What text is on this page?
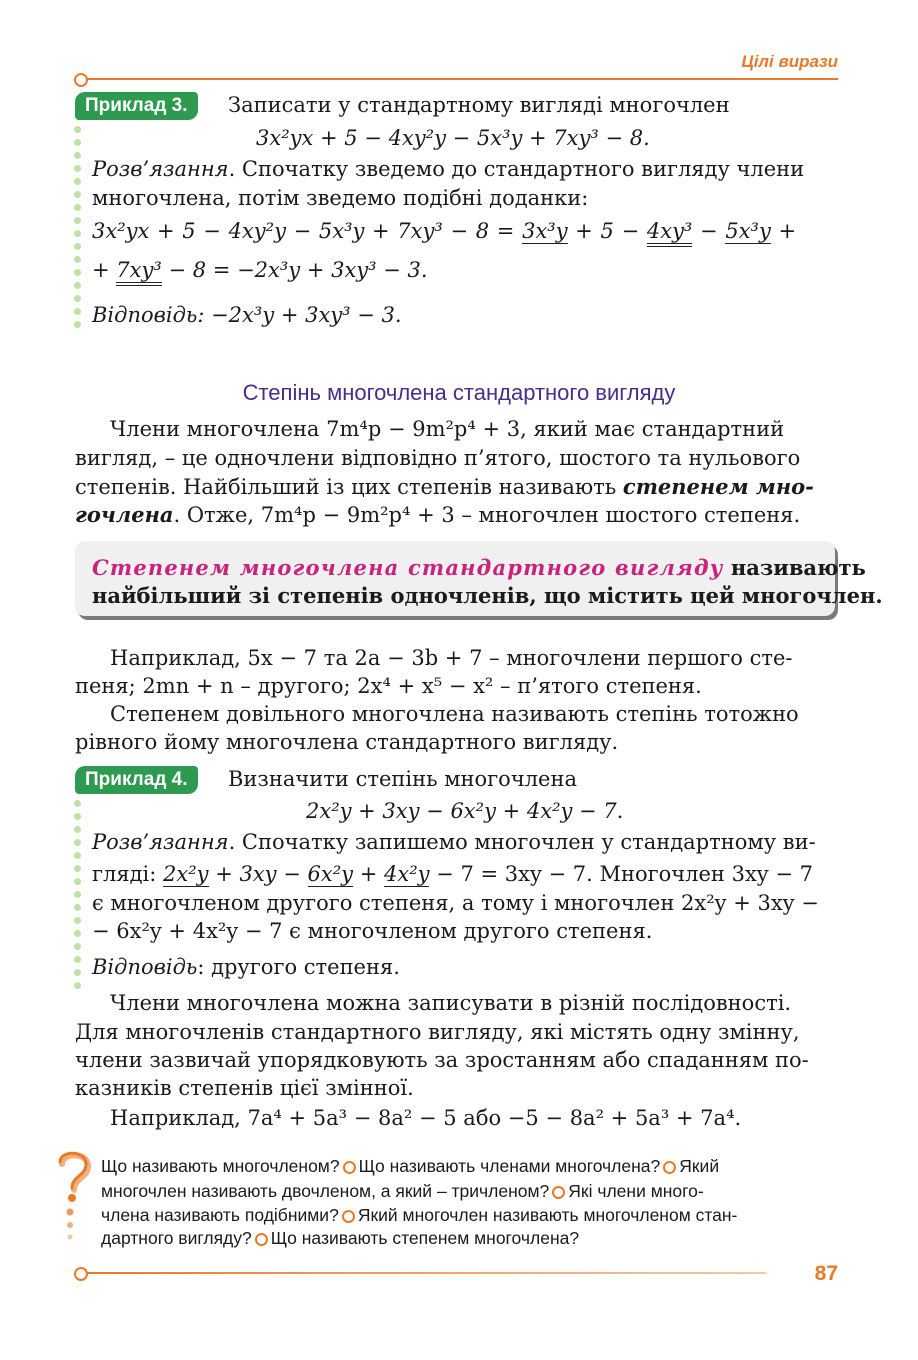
Цілі вирази
Приклад 3.	Записати у стандартному вигляді многочлен
3x²yx + 5 − 4xy²y − 5x³y + 7xy³ − 8.
Розв’язання. Спочатку зведемо до стандартного вигляду члени
многочлена, потім зведемо подібні доданки:
3x²yx + 5 − 4xy²y − 5x³y + 7xy³ − 8 = 3x³y + 5 − 4xy³ − 5x³y +
+ 7xy³ − 8 = −2x³y + 3xy³ − 3.
Відповідь: −2x³y + 3xy³ − 3.
Степінь многочлена стандартного вигляду
Члени многочлена 7m⁴p − 9m²p⁴ + 3, який має стандартний
вигляд, – це одночлени відповідно п’ятого, шостого та нульового
степенів. Найбільший із цих степенів називають степенем мно-
гочлена. Отже, 7m⁴p − 9m²p⁴ + 3 – многочлен шостого степеня.
Степенем многочлена стандартного вигляду називають
найбільший зі степенів одночленів, що містить цей многочлен.
Наприклад, 5x − 7 та 2a − 3b + 7 – многочлени першого сте-
пеня; 2mn + n – другого; 2x⁴ + x⁵ − x² – п’ятого степеня.
Степенем довільного многочлена називають степінь тотожно
рівного йому многочлена стандартного вигляду.
Приклад 4.	Визначити степінь многочлена
2x²y + 3xy − 6x²y + 4x²y − 7.
Розв’язання. Спочатку запишемо многочлен у стандартному ви-
гляді: 2x²y + 3xy − 6x²y + 4x²y − 7 = 3xy − 7. Многочлен 3xy − 7
є многочленом другого степеня, а тому і многочлен 2x²y + 3xy −
− 6x²y + 4x²y − 7 є многочленом другого степеня.
Відповідь: другого степеня.
Члени многочлена можна записувати в різній послідовності.
Для многочленів стандартного вигляду, які містять одну змінну,
члени зазвичай упорядковують за зростанням або спаданням по-
казників степенів цієї змінної.
Наприклад, 7a⁴ + 5a³ − 8a² − 5 або −5 − 8a² + 5a³ + 7a⁴.
Що називають многочленом? Що називають членами многочлена? Який
многочлен називають двочленом, а який – тричленом? Які члени много-
члена називають подібними? Який многочлен називають многочленом стан-
дартного вигляду? Що називають степенем многочлена?
87
